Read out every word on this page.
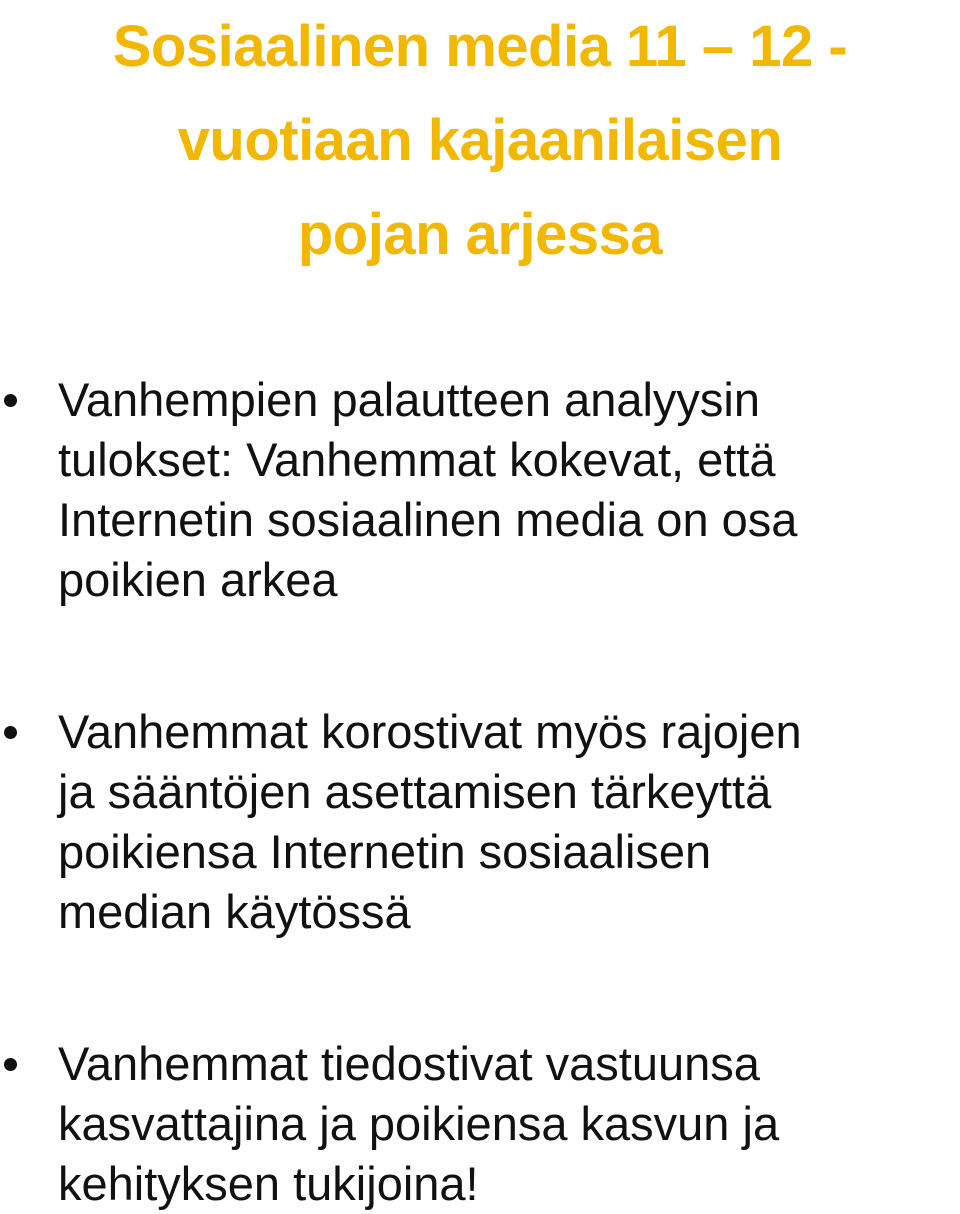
Sosiaalinen media 11 – 12 -
vuotiaan kajaanilaisen
pojan arjessa
Vanhempien palautteen analyysin
tulokset: Vanhemmat kokevat, että
Internetin sosiaalinen media on osa
poikien arkea
Vanhemmat korostivat myös rajojen
ja sääntöjen asettamisen tärkeyttä
poikiensa Internetin sosiaalisen
median käytössä
Vanhemmat tiedostivat vastuunsa
kasvattajina ja poikiensa kasvun ja
kehityksen tukijoina!
